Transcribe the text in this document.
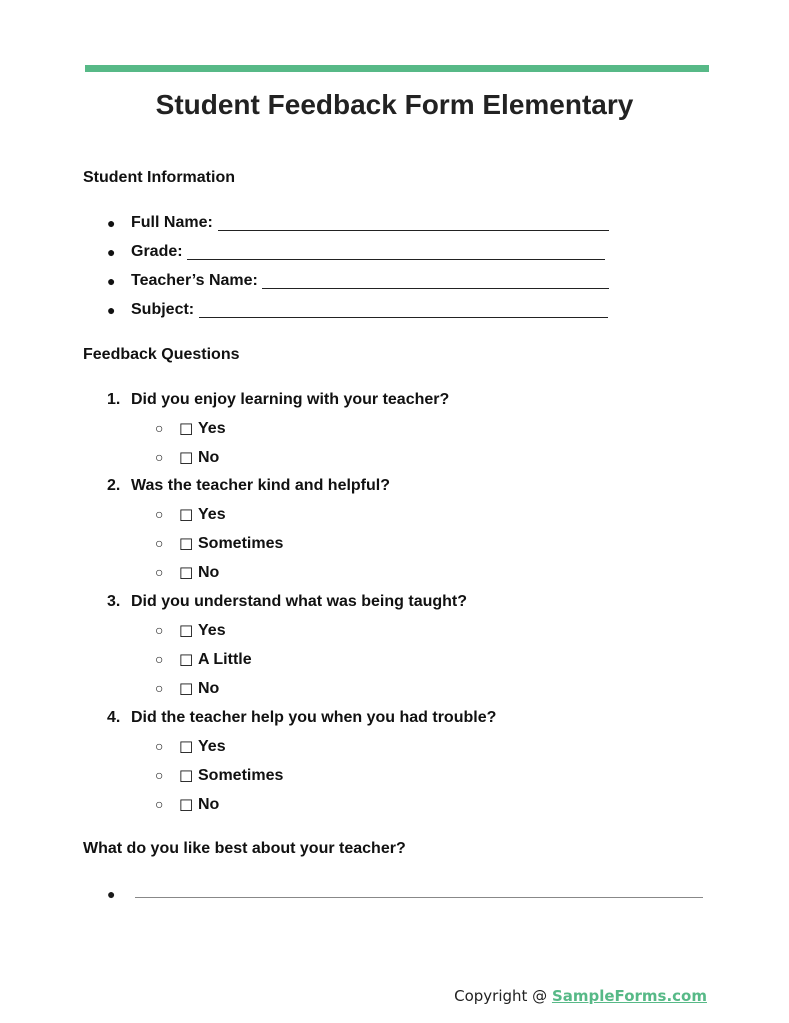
Student Feedback Form Elementary
Student Information
● Full Name:
● Grade:
● Teacher’s Name:
● Subject:
Feedback Questions
1. Did you enjoy learning with your teacher?
○ ☐ Yes
○ ☐ No
2. Was the teacher kind and helpful?
○ ☐ Yes
○ ☐ Sometimes
○ ☐ No
3. Did you understand what was being taught?
○ ☐ Yes
○ ☐ A Little
○ ☐ No
4. Did the teacher help you when you had trouble?
○ ☐ Yes
○ ☐ Sometimes
○ ☐ No
What do you like best about your teacher?
●
Copyright @ SampleForms.com
